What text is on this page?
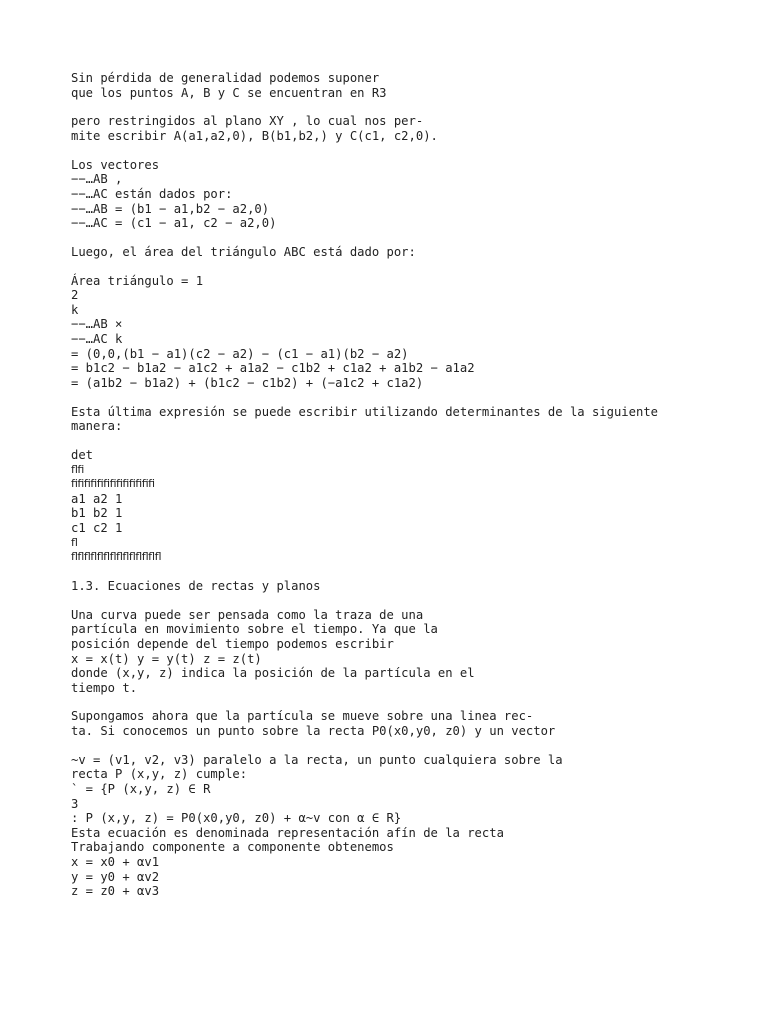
Sin pérdida de generalidad podemos suponer
que los puntos A, B y C se encuentran en R3
pero restringidos al plano XY , lo cual nos per-
mite escribir A(a1,a2,0), B(b1,b2,) y C(c1, c2,0).
Los vectores
−−…AB ,
−−…AC están dados por:
−−…AB = (b1 − a1,b2 − a2,0)
−−…AC = (c1 − a1, c2 − a2,0)
Luego, el área del triángulo ABC está dado por:
Área triángulo = 1
2
k
−−…AB ×
−−…AC k
= (0,0,(b1 − a1)(c2 − a2) − (c1 − a1)(b2 − a2)
= b1c2 − b1a2 − a1c2 + a1a2 − c1b2 + c1a2 + a1b2 − a1a2
= (a1b2 − b1a2) + (b1c2 − c1b2) + (−a1c2 + c1a2)
Esta última expresión se puede escribir utilizando determinantes de la siguiente
manera:
det
ﬂﬁ
ﬁﬁﬁﬁﬁﬁﬁﬁﬁﬁﬁﬁﬁ
a1 a2 1
b1 b2 1
c1 c2 1
ﬂ
ﬂﬂﬂﬂﬂﬂﬂﬂﬂﬂﬂﬂﬂﬂ
1.3. Ecuaciones de rectas y planos
Una curva puede ser pensada como la traza de una
partícula en movimiento sobre el tiempo. Ya que la
posición depende del tiempo podemos escribir
x = x(t) y = y(t) z = z(t)
donde (x,y, z) indica la posición de la partícula en el
tiempo t.
Supongamos ahora que la partícula se mueve sobre una linea rec-
ta. Si conocemos un punto sobre la recta P0(x0,y0, z0) y un vector
~v = (v1, v2, v3) paralelo a la recta, un punto cualquiera sobre la
recta P (x,y, z) cumple:
` = {P (x,y, z) ∈ R
3
: P (x,y, z) = P0(x0,y0, z0) + α~v con α ∈ R}
Esta ecuación es denominada representación afín de la recta
Trabajando componente a componente obtenemos
x = x0 + αv1
y = y0 + αv2
z = z0 + αv3
